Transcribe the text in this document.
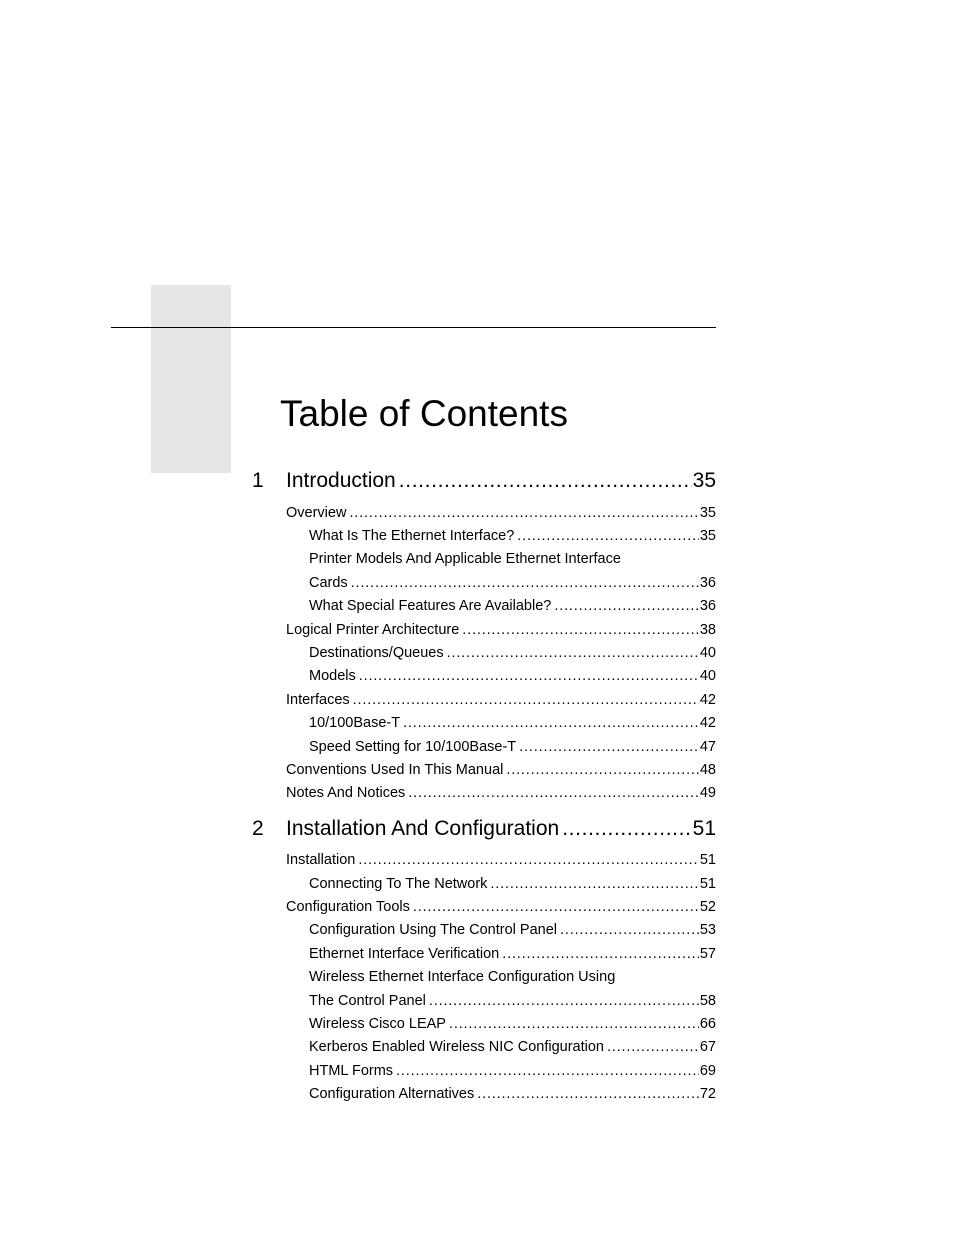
Table of Contents
1	Introduction . . .	35
Overview . . .	35
What Is The Ethernet Interface? . . .	35
Printer Models And Applicable Ethernet Interface
Cards . . .	36
What Special Features Are Available? . . .	36
Logical Printer Architecture . . .	38
Destinations/Queues . . .	40
Models . . .	40
Interfaces . . .	42
10/100Base-T . . .	42
Speed Setting for 10/100Base-T . . .	47
Conventions Used In This Manual . . .	48
Notes And Notices . . .	49
2	Installation And Configuration . . .	51
Installation . . .	51
Connecting To The Network . . .	51
Configuration Tools . . .	52
Configuration Using The Control Panel . . .	53
Ethernet Interface Verification . . .	57
Wireless Ethernet Interface Configuration Using
The Control Panel . . .	58
Wireless Cisco LEAP . . .	66
Kerberos Enabled Wireless NIC Configuration . . .	67
HTML Forms . . .	69
Configuration Alternatives . . .	72
